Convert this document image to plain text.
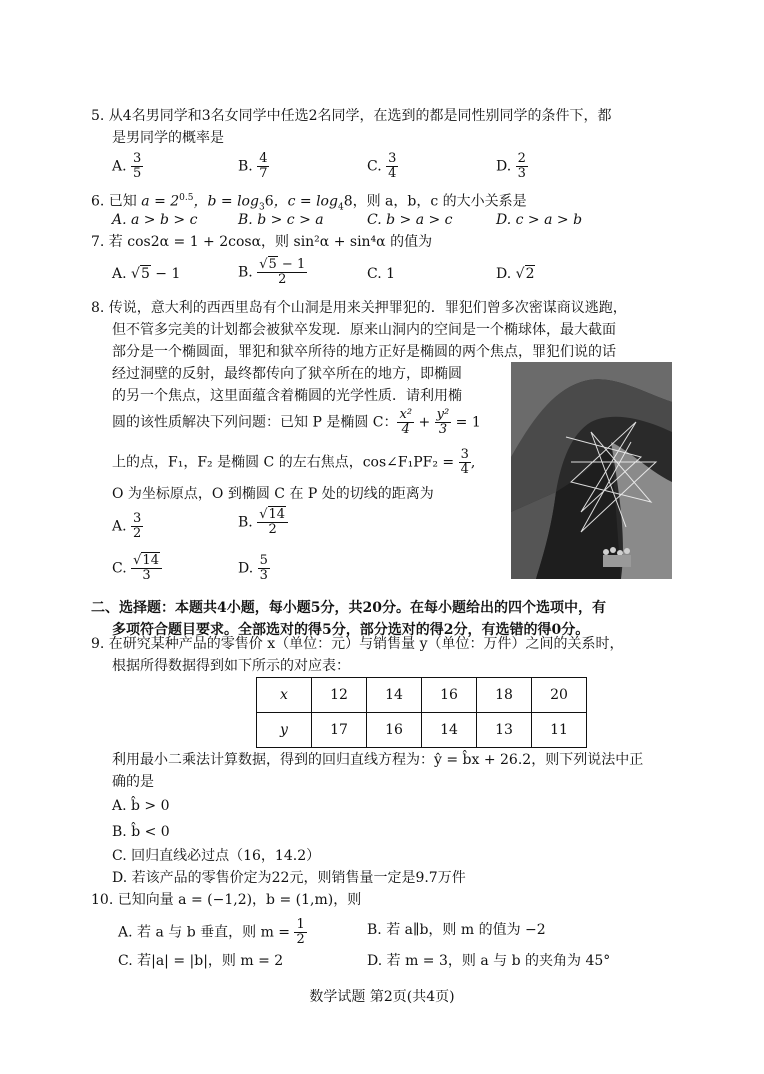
5. 从4名男同学和3名女同学中任选2名同学，在选到的都是同性别同学的条件下，都
是男同学的概率是
A. $\frac{3}{5}$	B. $\frac{4}{7}$	C. $\frac{3}{4}$	D. $\frac{2}{3}$
6. 已知 $a = 2^{0.5}$，$b = \log_36$，$c = \log_48$，则 a，b，c 的大小关系是
A. a > b > c	B. b > c > a	C. b > a > c	D. c > a > b
7. 若 cos2α = 1 + 2cosα，则 sin²α + sin⁴α 的值为
A. √5 − 1	B. $\frac{√5 - 1}{2}$	C. 1	D. √2
8. 传说，意大利的西西里岛有个山洞是用来关押罪犯的．罪犯们曾多次密谋商议逃跑，
但不管多完美的计划都会被狱卒发现．原来山洞内的空间是一个椭球体，最大截面
部分是一个椭圆面，罪犯和狱卒所待的地方正好是椭圆的两个焦点，罪犯们说的话
经过洞壁的反射，最终都传向了狱卒所在的地方，即椭圆
的另一个焦点，这里面蕴含着椭圆的光学性质．请利用椭
圆的该性质解决下列问题：已知 P 是椭圆 C： $\frac{\text{x²}}{4} + \frac{\text{y²}}{3} = 1$
上的点，F₁，F₂ 是椭圆 C 的左右焦点，cos∠F₁PF₂ = $\frac{3}{4}$ ,
O 为坐标原点，O 到椭圆 C 在 P 处的切线的距离为
A. $\frac{3}{2}$	B. $\frac{√14}{2}$
C. $\frac{√14}{3}$	D. $\frac{5}{3}$
二、选择题：本题共4小题，每小题5分，共20分。在每小题给出的四个选项中，有
多项符合题目要求。全部选对的得5分，部分选对的得2分，有选错的得0分。
9. 在研究某种产品的零售价 x（单位：元）与销售量 y（单位：万件）之间的关系时，
根据所得数据得到如下所示的对应表：
x	12	14	16	18	20
y	17	16	14	13	11
利用最小二乘法计算数据，得到的回归直线方程为：ŷ = b̂x + 26.2，则下列说法中正
确的是
A. b̂ > 0
B. b̂ < 0
C. 回归直线必过点（16，14.2）
D. 若该产品的零售价定为22元，则销售量一定是9.7万件
10. 已知向量 a = (−1,2)，b = (1,m)，则
A. 若 a 与 b 垂直，则 $m = \frac{1}{2}$	B. 若 a∥b，则 m 的值为 −2
C. 若|a| = |b|，则 m = 2	D. 若 m = 3，则 a 与 b 的夹角为 45°
数学试题 第2页(共4页)
